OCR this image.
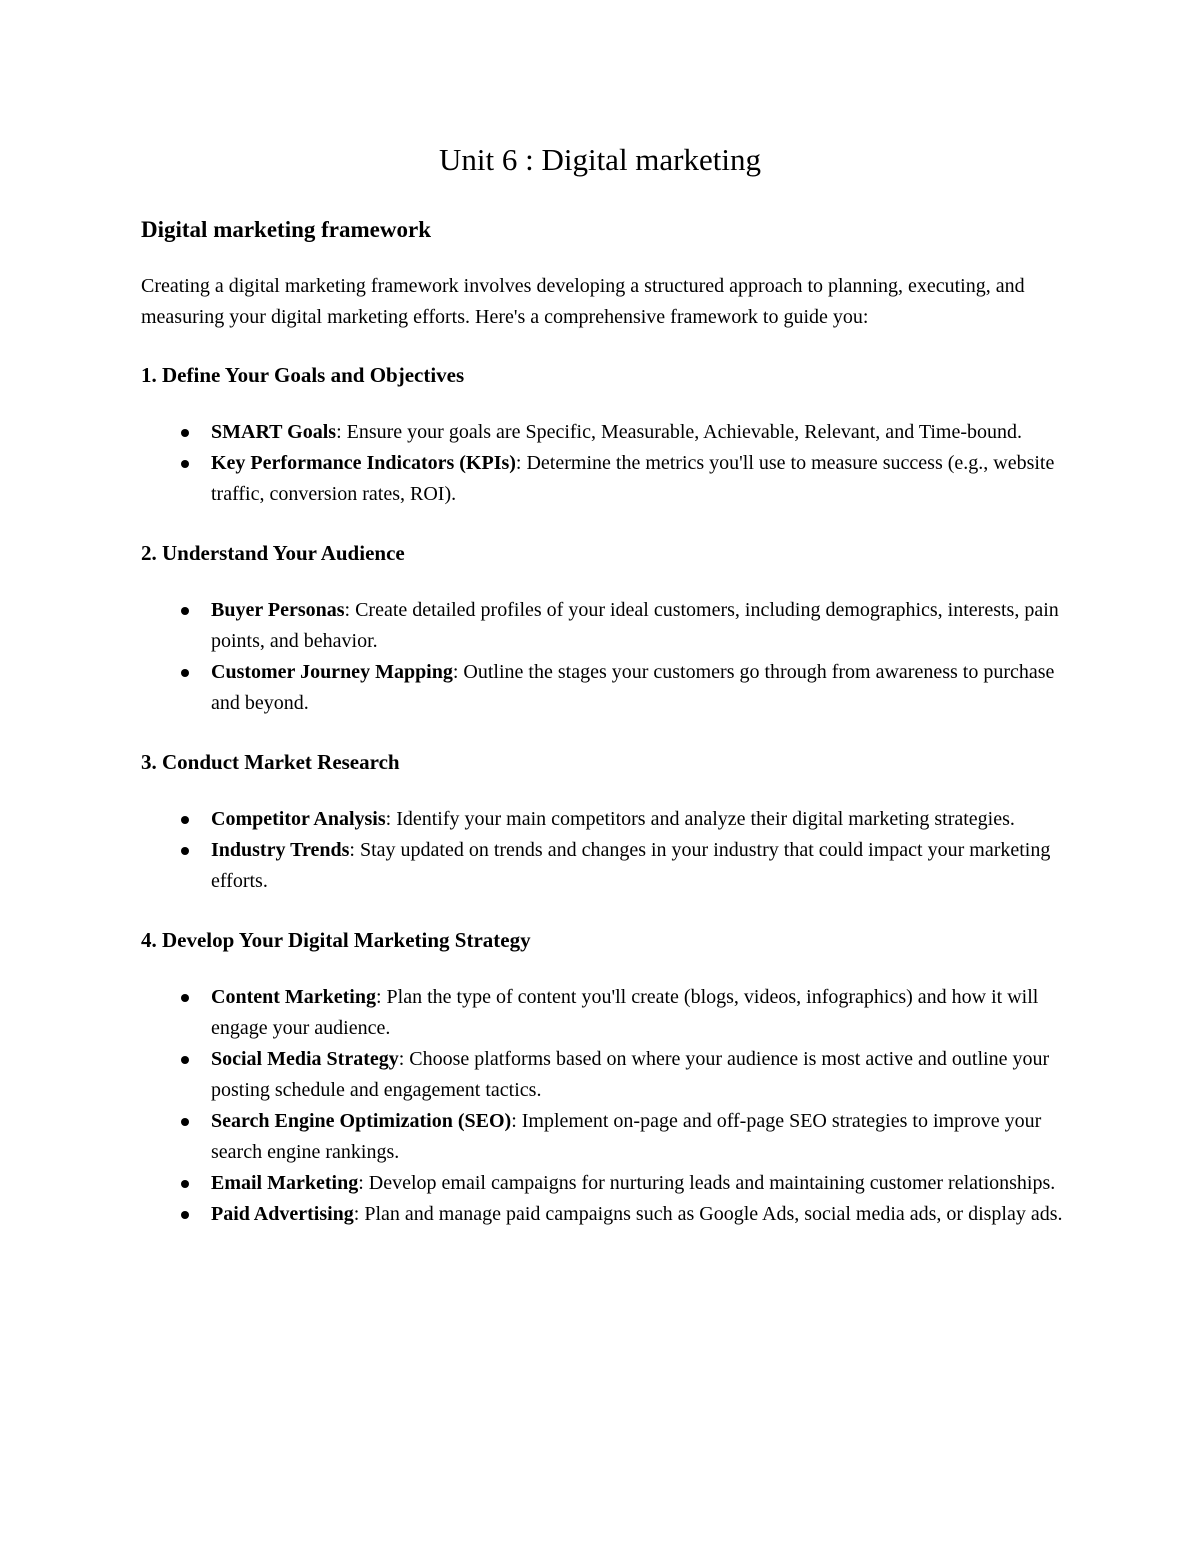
Unit 6 : Digital marketing
Digital marketing framework

Creating a digital marketing framework involves developing a structured approach to planning, executing, and measuring your digital marketing efforts. Here's a comprehensive framework to guide you:

1. Define Your Goals and Objectives
SMART Goals: Ensure your goals are Specific, Measurable, Achievable, Relevant, and Time-bound.
Key Performance Indicators (KPIs): Determine the metrics you'll use to measure success (e.g., website traffic, conversion rates, ROI).
2. Understand Your Audience
Buyer Personas: Create detailed profiles of your ideal customers, including demographics, interests, pain points, and behavior.
Customer Journey Mapping: Outline the stages your customers go through from awareness to purchase and beyond.
3. Conduct Market Research
Competitor Analysis: Identify your main competitors and analyze their digital marketing strategies.
Industry Trends: Stay updated on trends and changes in your industry that could impact your marketing efforts.
4. Develop Your Digital Marketing Strategy
Content Marketing: Plan the type of content you'll create (blogs, videos, infographics) and how it will engage your audience.
Social Media Strategy: Choose platforms based on where your audience is most active and outline your posting schedule and engagement tactics.
Search Engine Optimization (SEO): Implement on-page and off-page SEO strategies to improve your search engine rankings.
Email Marketing: Develop email campaigns for nurturing leads and maintaining customer relationships.
Paid Advertising: Plan and manage paid campaigns such as Google Ads, social media ads, or display ads.
